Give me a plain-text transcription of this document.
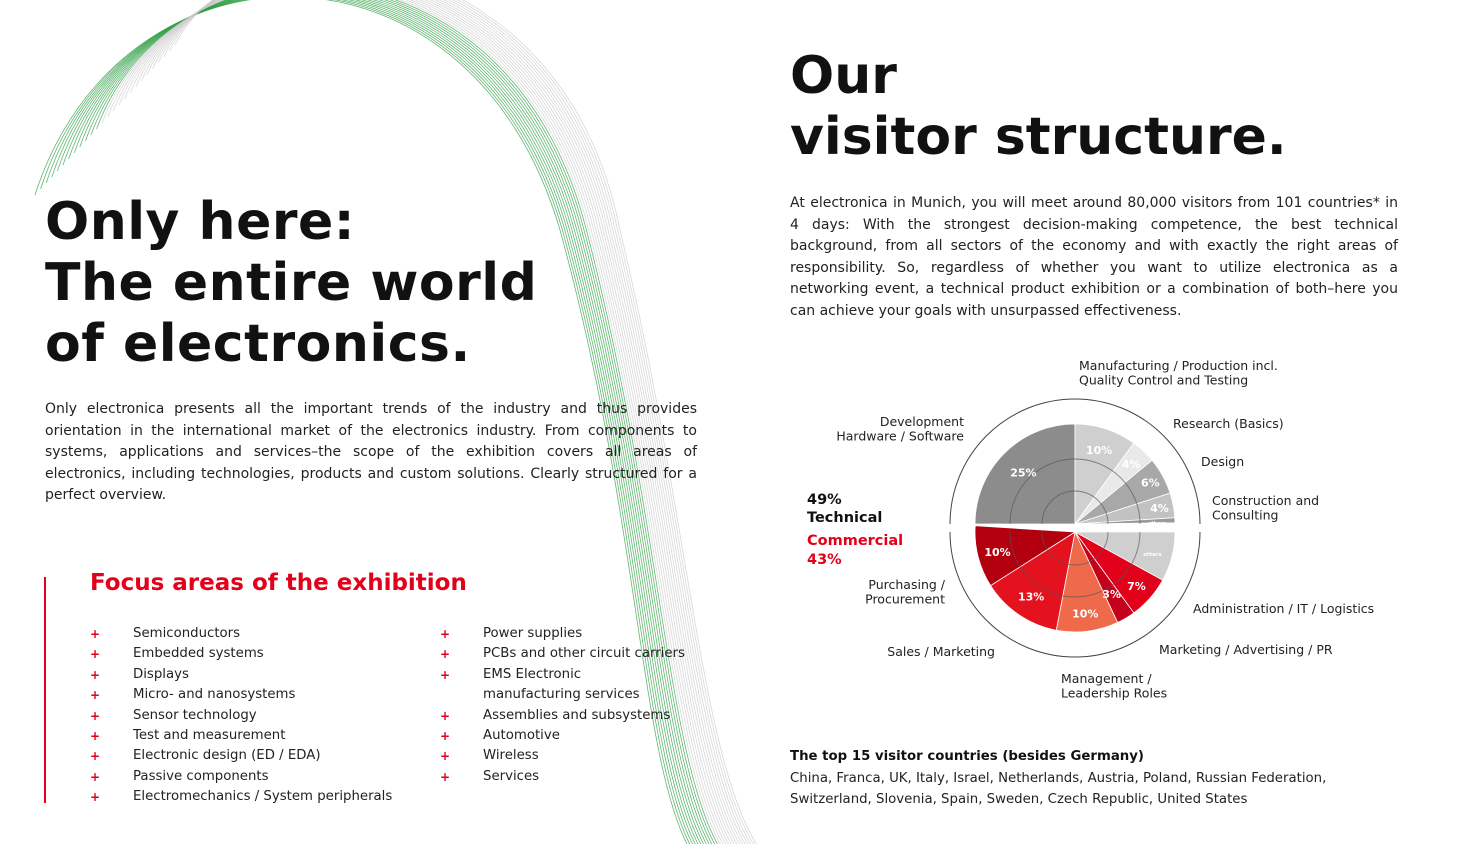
Only here:
The entire world
of electronics.

Only electronica presents all the important trends of the industry and thus provides orientation in the international market of the electronics industry. From components to systems, applications and services–the scope of the exhibition covers all areas of electronics, including technologies, products and custom solutions. Clearly structured for a perfect overview.

Focus areas of the exhibition
+ Semiconductors
+ Embedded systems
+ Displays
+ Micro- and nanosystems
+ Sensor technology
+ Test and measurement
+ Electronic design (ED / EDA)
+ Passive components
+ Electromechanics / System peripherals
+ Power supplies
+ PCBs and other circuit carriers
+ EMS Electronic
manufacturing services
+ Assemblies and subsystems
+ Automotive
+ Wireless
+ Services
Our
visitor structure.

At electronica in Munich, you will meet around 80,000 visitors from 101 countries* in 4 days: With the strongest decision-making competence, the best technical background, from all sectors of the economy and with exactly the right areas of responsibility. So, regardless of whether you want to utilize electronica as a networking event, a technical product exhibition or a combination of both–here you can achieve your goals with unsurpassed effectiveness.

49%
Technical
Commercial
43%
25%
10%
4%
6%
4%
others
others
7%
3%
10%
13%
10%
Development
Hardware / Software
Manufacturing / Production incl.
Quality Control and Testing
Research (Basics)
Design
Construction and
Consulting
Administration / IT / Logistics
Marketing / Advertising / PR
Management /
Leadership Roles
Sales / Marketing
Purchasing /
Procurement

The top 15 visitor countries (besides Germany)

China, Franca, UK, Italy, Israel, Netherlands, Austria, Poland, Russian Federation, Switzerland, Slovenia, Spain, Sweden, Czech Republic, United States
